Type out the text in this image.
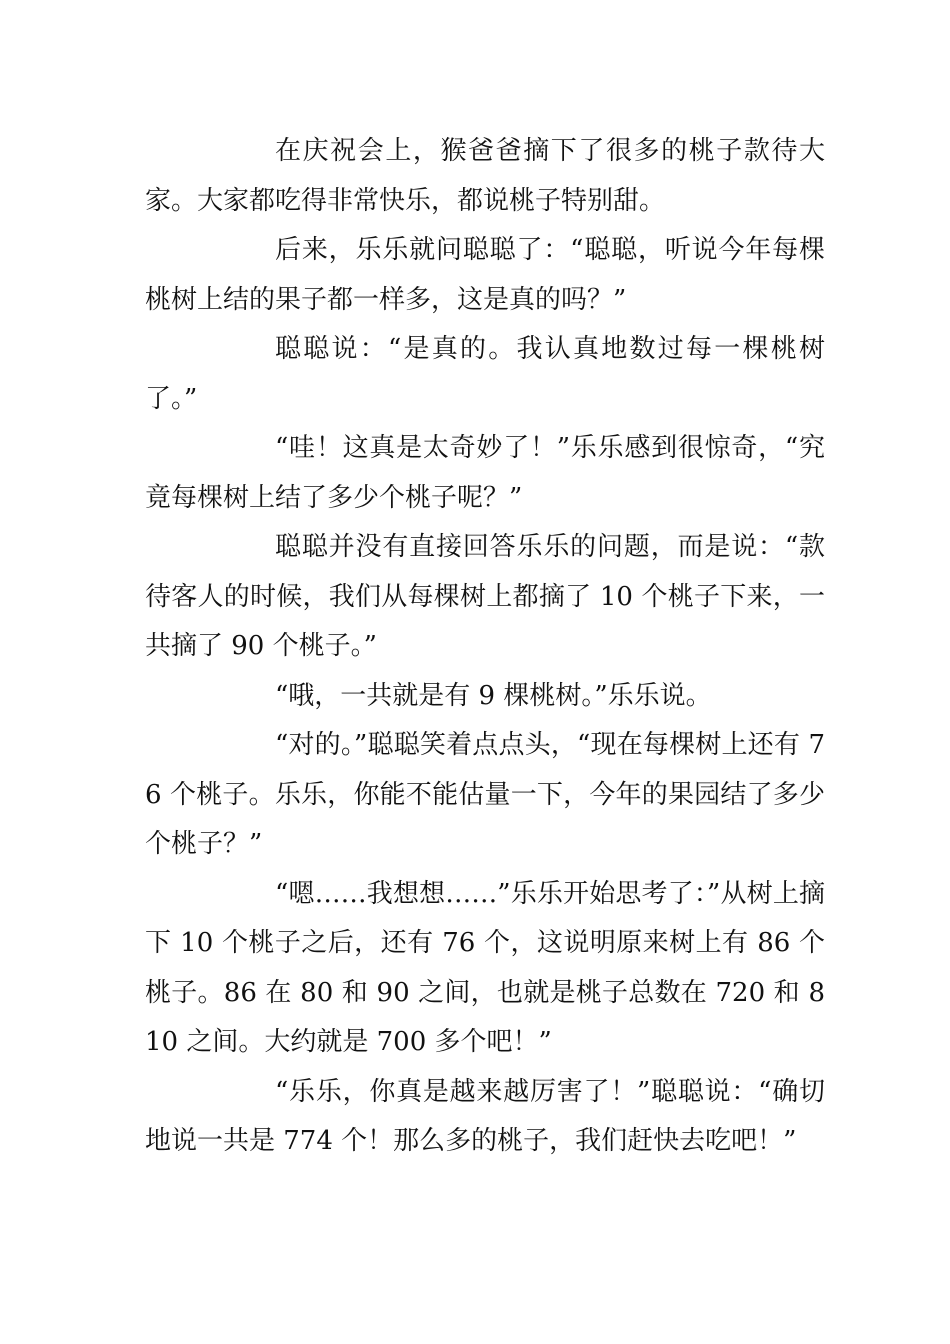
在庆祝会上，猴爸爸摘下了很多的桃子款待大家。大家都吃得非常快乐，都说桃子特别甜。

后来，乐乐就问聪聪了：“聪聪，听说今年每棵桃树上结的果子都一样多，这是真的吗？”

聪聪说：“是真的。我认真地数过每一棵桃树了。”

“哇！这真是太奇妙了！”乐乐感到很惊奇，“究竟每棵树上结了多少个桃子呢？”

聪聪并没有直接回答乐乐的问题，而是说：“款待客人的时候，我们从每棵树上都摘了 10 个桃子下来，一共摘了 90 个桃子。”

“哦，一共就是有 9 棵桃树。”乐乐说。

“对的。”聪聪笑着点点头，“现在每棵树上还有 76 个桃子。乐乐，你能不能估量一下，今年的果园结了多少个桃子？”

“嗯……我想想……”乐乐开始思考了：”从树上摘下 10 个桃子之后，还有 76 个，这说明原来树上有 86 个桃子。86 在 80 和 90 之间，也就是桃子总数在 720 和 810 之间。大约就是 700 多个吧！”

“乐乐，你真是越来越厉害了！”聪聪说：“确切地说一共是 774 个！那么多的桃子，我们赶快去吃吧！”
